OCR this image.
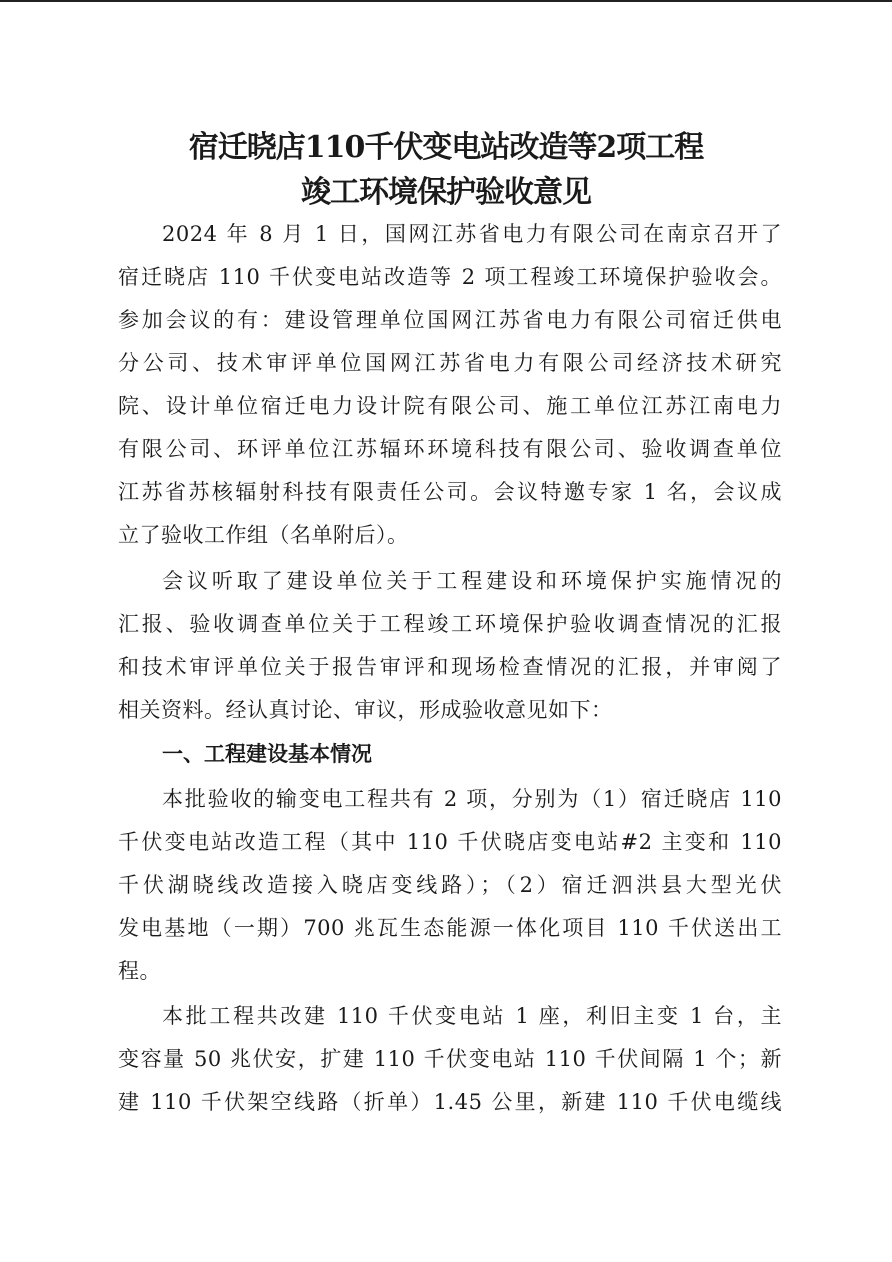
宿迁晓店110千伏变电站改造等2项工程
竣工环境保护验收意见
2024 年 8 月 1 日，国网江苏省电力有限公司在南京召开了
宿迁晓店 110 千伏变电站改造等 2 项工程竣工环境保护验收会。
参加会议的有：建设管理单位国网江苏省电力有限公司宿迁供电
分公司、技术审评单位国网江苏省电力有限公司经济技术研究
院、设计单位宿迁电力设计院有限公司、施工单位江苏江南电力
有限公司、环评单位江苏辐环环境科技有限公司、验收调查单位
江苏省苏核辐射科技有限责任公司。会议特邀专家 1 名，会议成
立了验收工作组（名单附后）。
会议听取了建设单位关于工程建设和环境保护实施情况的
汇报、验收调查单位关于工程竣工环境保护验收调查情况的汇报
和技术审评单位关于报告审评和现场检查情况的汇报，并审阅了
相关资料。经认真讨论、审议，形成验收意见如下：
一、工程建设基本情况
本批验收的输变电工程共有 2 项，分别为（1）宿迁晓店 110
千伏变电站改造工程（其中 110 千伏晓店变电站#2 主变和 110
千伏湖晓线改造接入晓店变线路）；（2）宿迁泗洪县大型光伏
发电基地（一期）700 兆瓦生态能源一体化项目 110 千伏送出工
程。
本批工程共改建 110 千伏变电站 1 座，利旧主变 1 台，主
变容量 50 兆伏安，扩建 110 千伏变电站 110 千伏间隔 1 个；新
建 110 千伏架空线路（折单）1.45 公里，新建 110 千伏电缆线
